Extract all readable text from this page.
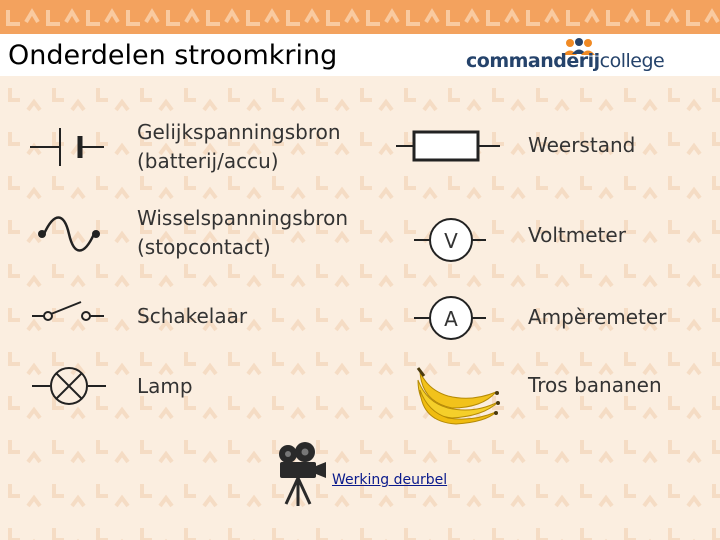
Onderdelen stroomkring	commanderijcollege
Gelijkspanningsbron
(batterij/accu)
Wisselspanningsbron
(stopcontact)
Schakelaar
Lamp
V
A
Weerstand
Voltmeter
Ampèremeter
Tros bananen
Werking deurbel
